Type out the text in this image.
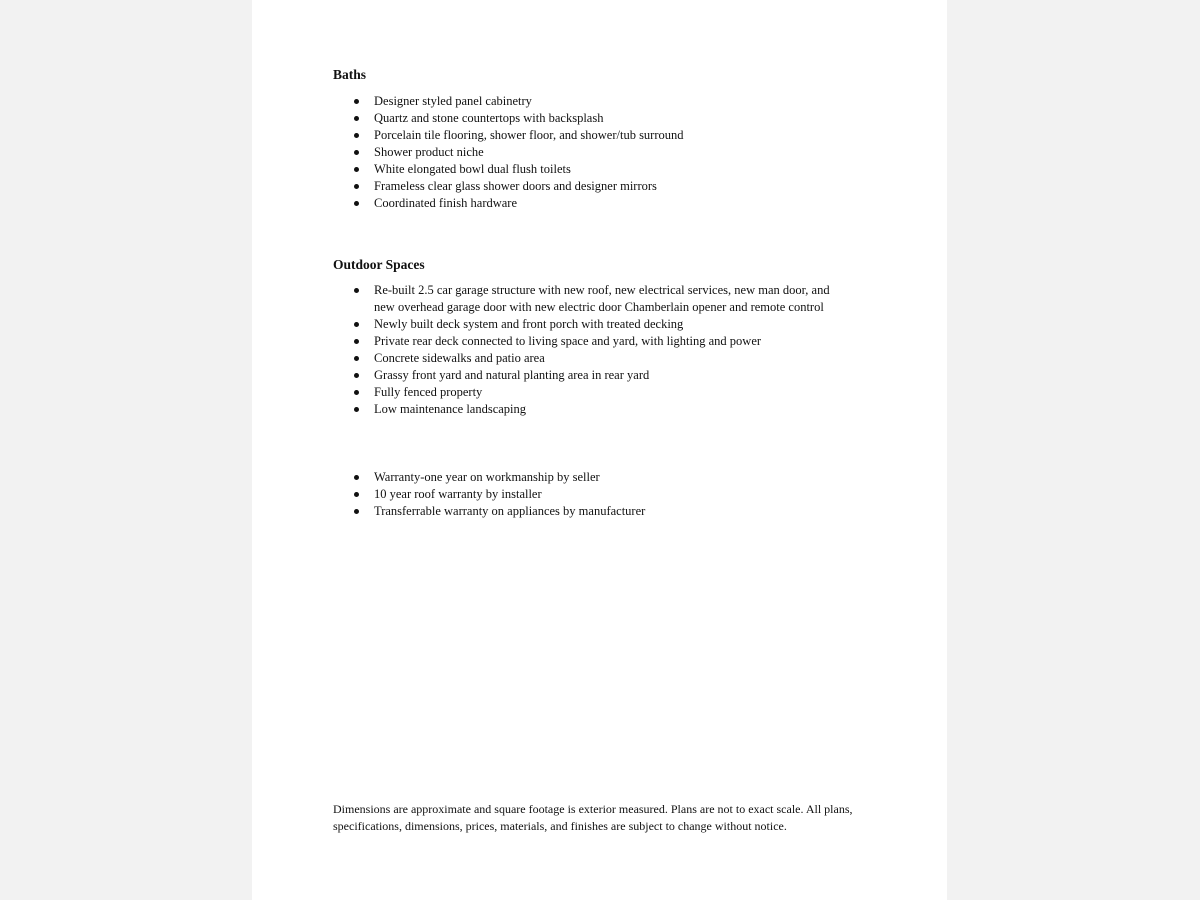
Baths
Designer styled panel cabinetry
Quartz and stone countertops with backsplash
Porcelain tile flooring, shower floor, and shower/tub surround
Shower product niche
White elongated bowl dual flush toilets
Frameless clear glass shower doors and designer mirrors
Coordinated finish hardware
Outdoor Spaces
Re-built 2.5 car garage structure with new roof, new electrical services, new man door, and new overhead garage door with new electric door Chamberlain opener and remote control
Newly built deck system and front porch with treated decking
Private rear deck connected to living space and yard, with lighting and power
Concrete sidewalks and patio area
Grassy front yard and natural planting area in rear yard
Fully fenced property
Low maintenance landscaping
Warranty-one year on workmanship by seller
10 year roof warranty by installer
Transferrable warranty on appliances by manufacturer

Dimensions are approximate and square footage is exterior measured. Plans are not to exact scale. All plans, specifications, dimensions, prices, materials, and finishes are subject to change without notice.
